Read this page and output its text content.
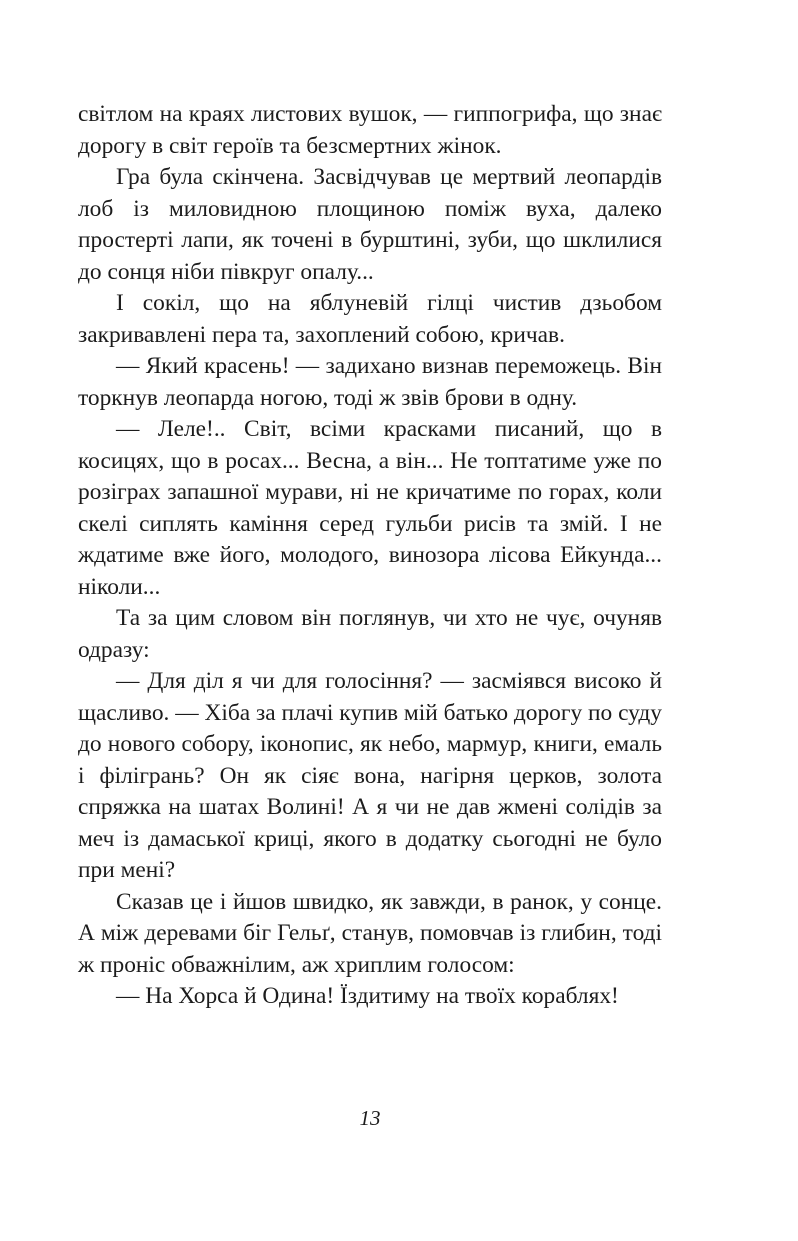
світлом на краях листових вушок, — гиппогрифа, що знає дорогу в світ героїв та безсмертних жінок.

Гра була скінчена. Засвідчував це мертвий леопардів лоб із миловидною площиною поміж вуха, далеко простерті лапи, як точені в бурштині, зуби, що шклилися до сонця ніби півкруг опалу...

І сокіл, що на яблуневій гілці чистив дзьобом закривавлені пера та, захоплений собою, кричав.

— Який красень! — задихано визнав переможець. Він торкнув леопарда ногою, тоді ж звів брови в одну.

— Леле!.. Світ, всіми красками писаний, що в косицях, що в росах... Весна, а він... Не топтатиме уже по розіграх запашної мурави, ні не кричатиме по горах, коли скелі сиплять каміння серед гульби рисів та змій. І не ждатиме вже його, молодого, винозора лісова Ейкунда... ніколи...

Та за цим словом він поглянув, чи хто не чує, очуняв одразу:

— Для діл я чи для голосіння? — засміявся високо й щасливо. — Хіба за плачі купив мій батько дорогу по суду до нового собору, іконопис, як небо, мармур, книги, емаль і філігрань? Он як сіяє вона, нагірня церков, золота спряжка на шатах Волині! А я чи не дав жмені солідів за меч із дамаської криці, якого в додатку сьогодні не було при мені?

Сказав це і йшов швидко, як завжди, в ранок, у сонце. А між деревами біг Гельґ, станув, помовчав із глибин, тоді ж проніс обважнілим, аж хриплим голосом:

— На Хорса й Одина! Їздитиму на твоїх кораблях!

13
